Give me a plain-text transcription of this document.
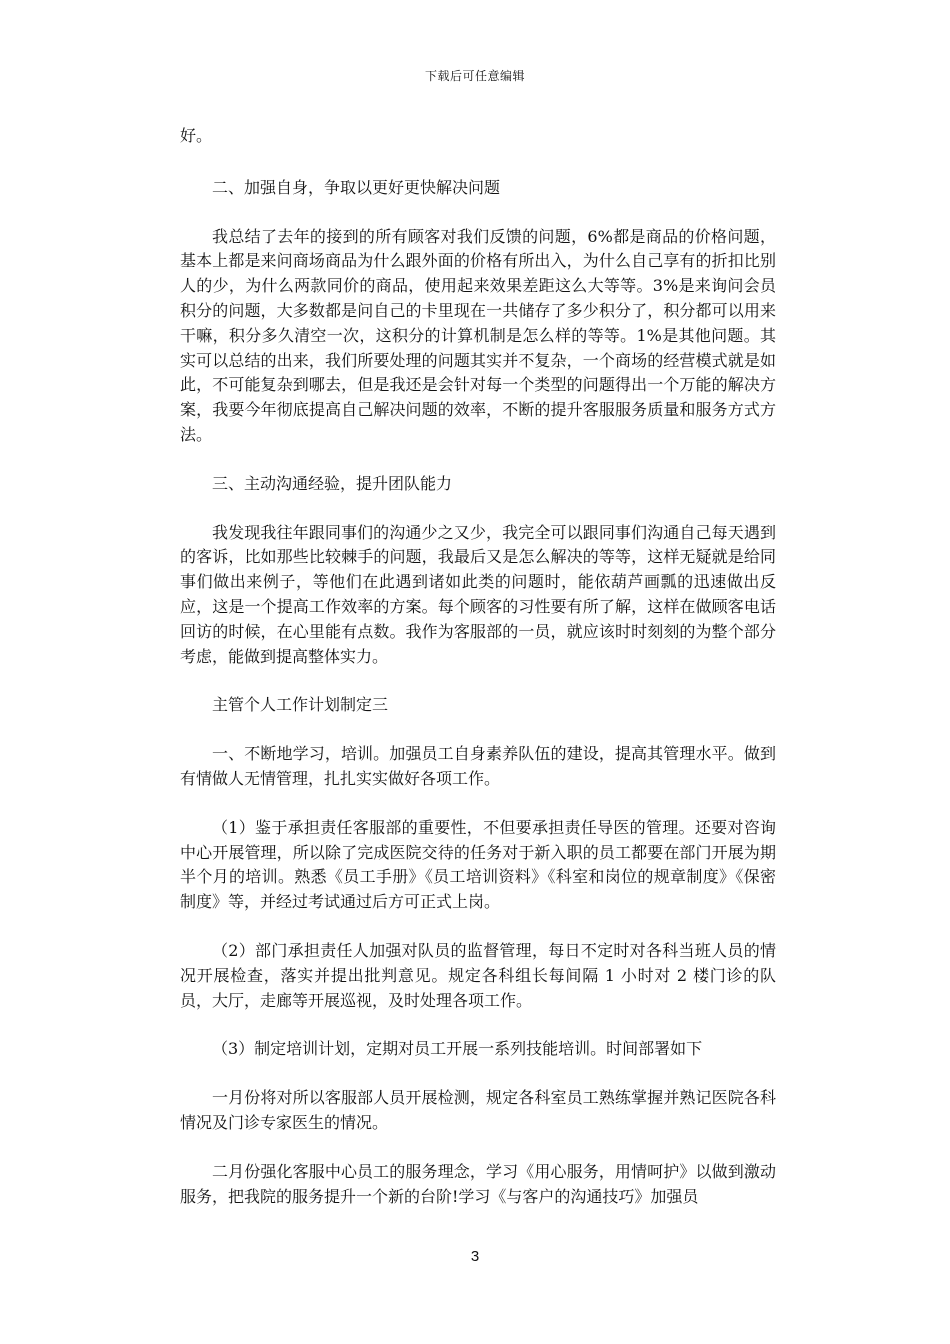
下载后可任意编辑

好。

二、加强自身，争取以更好更快解决问题

我总结了去年的接到的所有顾客对我们反馈的问题，6%都是商品的价格问题，基本上都是来问商场商品为什么跟外面的价格有所出入，为什么自己享有的折扣比别人的少，为什么两款同价的商品，使用起来效果差距这么大等等。3%是来询问会员积分的问题，大多数都是问自己的卡里现在一共储存了多少积分了，积分都可以用来干嘛，积分多久清空一次，这积分的计算机制是怎么样的等等。1%是其他问题。其实可以总结的出来，我们所要处理的问题其实并不复杂，一个商场的经营模式就是如此，不可能复杂到哪去，但是我还是会针对每一个类型的问题得出一个万能的解决方案，我要今年彻底提高自己解决问题的效率，不断的提升客服服务质量和服务方式方法。

三、主动沟通经验，提升团队能力

我发现我往年跟同事们的沟通少之又少，我完全可以跟同事们沟通自己每天遇到的客诉，比如那些比较棘手的问题，我最后又是怎么解决的等等，这样无疑就是给同事们做出来例子，等他们在此遇到诸如此类的问题时，能依葫芦画瓢的迅速做出反应，这是一个提高工作效率的方案。每个顾客的习性要有所了解，这样在做顾客电话回访的时候，在心里能有点数。我作为客服部的一员，就应该时时刻刻的为整个部分考虑，能做到提高整体实力。

主管个人工作计划制定三

一、不断地学习，培训。加强员工自身素养队伍的建设，提高其管理水平。做到有情做人无情管理，扎扎实实做好各项工作。

（1）鉴于承担责任客服部的重要性，不但要承担责任导医的管理。还要对咨询中心开展管理，所以除了完成医院交待的任务对于新入职的员工都要在部门开展为期半个月的培训。熟悉《员工手册》《员工培训资料》《科室和岗位的规章制度》《保密制度》等，并经过考试通过后方可正式上岗。

（2）部门承担责任人加强对队员的监督管理，每日不定时对各科当班人员的情况开展检查，落实并提出批判意见。规定各科组长每间隔 1 小时对 2 楼门诊的队员，大厅，走廊等开展巡视，及时处理各项工作。

（3）制定培训计划，定期对员工开展一系列技能培训。时间部署如下

一月份将对所以客服部人员开展检测，规定各科室员工熟练掌握并熟记医院各科情况及门诊专家医生的情况。

二月份强化客服中心员工的服务理念，学习《用心服务，用情呵护》以做到激动服务，把我院的服务提升一个新的台阶!学习《与客户的沟通技巧》加强员

3
